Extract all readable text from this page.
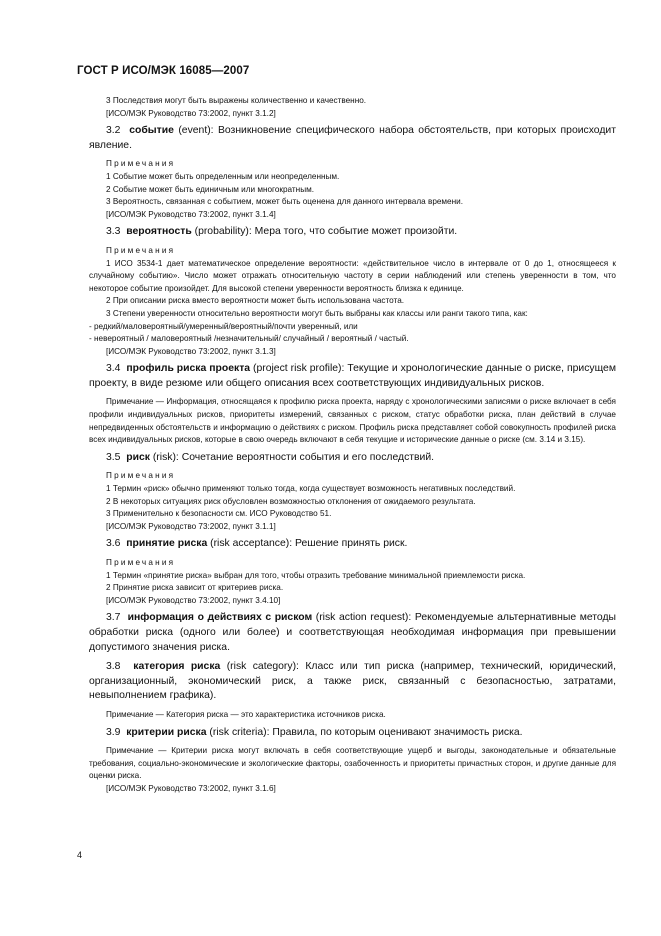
ГОСТ Р ИСО/МЭК 16085—2007

3 Последствия могут быть выражены количественно и качественно.

[ИСО/МЭК Руководство 73:2002, пункт 3.1.2]

3.2 событие (event): Возникновение специфического набора обстоятельств, при которых происходит явление.

Примечания

1 Событие может быть определенным или неопределенным.

2 Событие может быть единичным или многократным.

3 Вероятность, связанная с событием, может быть оценена для данного интервала времени.

[ИСО/МЭК Руководство 73:2002, пункт 3.1.4]

3.3 вероятность (probability): Мера того, что событие может произойти.

Примечания

1 ИСО 3534-1 дает математическое определение вероятности: «действительное число в интервале от 0 до 1, относящееся к случайному событию». Число может отражать относительную частоту в серии наблюдений или степень уверенности в том, что некоторое событие произойдет. Для высокой степени уверенности вероятность близка к единице.

2 При описании риска вместо вероятности может быть использована частота.

3 Степени уверенности относительно вероятности могут быть выбраны как классы или ранги такого типа, как:

- редкий/маловероятный/умеренный/вероятный/почти уверенный, или

- невероятный / маловероятный /незначительный/ случайный / вероятный / частый.

[ИСО/МЭК Руководство 73:2002, пункт 3.1.3]

3.4 профиль риска проекта (project risk profile): Текущие и хронологические данные о риске, присущем проекту, в виде резюме или общего описания всех соответствующих индивидуальных рисков.

Примечание — Информация, относящаяся к профилю риска проекта, наряду с хронологическими записями о риске включает в себя профили индивидуальных рисков, приоритеты измерений, связанных с риском, статус обработки риска, план действий в случае непредвиденных обстоятельств и информацию о действиях с риском. Профиль риска представляет собой совокупность профилей риска всех индивидуальных рисков, которые в свою очередь включают в себя текущие и исторические данные о риске (см. 3.14 и 3.15).

3.5 риск (risk): Сочетание вероятности события и его последствий.

Примечания

1 Термин «риск» обычно применяют только тогда, когда существует возможность негативных последствий.

2 В некоторых ситуациях риск обусловлен возможностью отклонения от ожидаемого результата.

3 Применительно к безопасности см. ИСО Руководство 51.

[ИСО/МЭК Руководство 73:2002, пункт 3.1.1]

3.6 принятие риска (risk acceptance): Решение принять риск.

Примечания

1 Термин «принятие риска» выбран для того, чтобы отразить требование минимальной приемлемости риска.

2 Принятие риска зависит от критериев риска.

[ИСО/МЭК Руководство 73:2002, пункт 3.4.10]

3.7 информация о действиях с риском (risk action request): Рекомендуемые альтернативные методы обработки риска (одного или более) и соответствующая необходимая информация при превышении допустимого значения риска.

3.8 категория риска (risk category): Класс или тип риска (например, технический, юридический, организационный, экономический риск, а также риск, связанный с безопасностью, затратами, невыполнением графика).

Примечание — Категория риска — это характеристика источников риска.

3.9 критерии риска (risk criteria): Правила, по которым оценивают значимость риска.

Примечание — Критерии риска могут включать в себя соответствующие ущерб и выгоды, законодательные и обязательные требования, социально-экономические и экологические факторы, озабоченность и приоритеты причастных сторон, и другие данные для оценки риска.

[ИСО/МЭК Руководство 73:2002, пункт 3.1.6]

4
